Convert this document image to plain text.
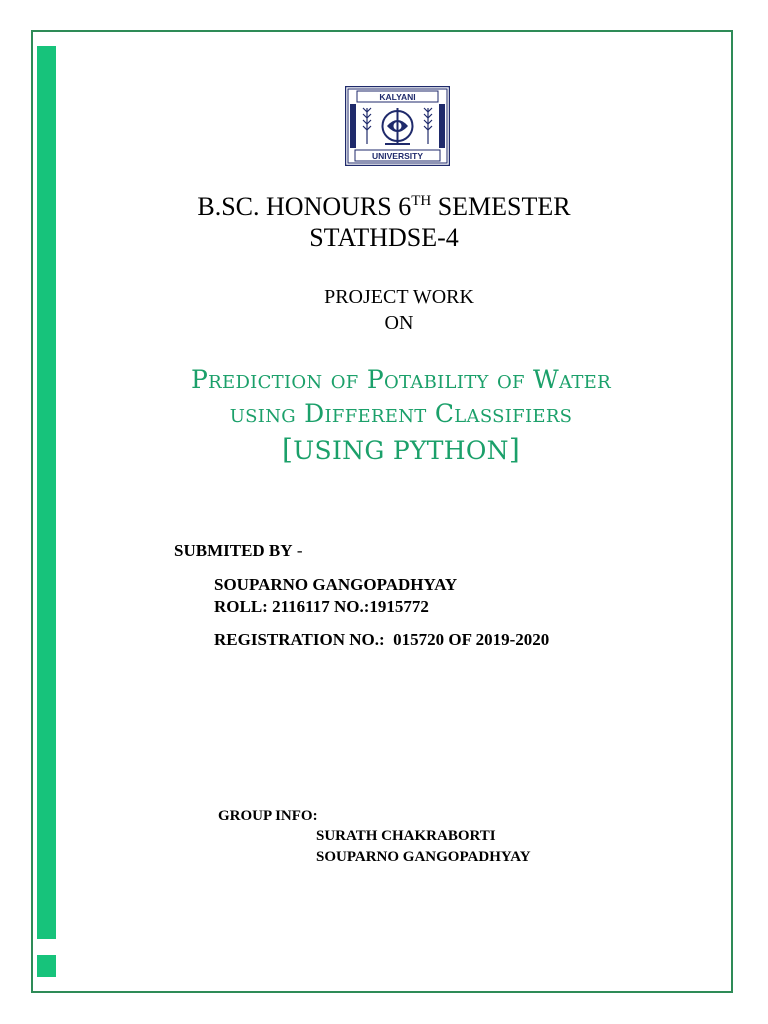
KALYANI
UNIVERSITY
B.SC. HONOURS 6TH SEMESTER
STATHDSE-4
PROJECT WORK
ON
Prediction of Potability of Water
using Different Classifiers
[USING PYTHON]
SUBMITED BY -
SOUPARNO GANGOPADHYAY
ROLL: 2116117 NO.:1915772
REGISTRATION NO.:  015720 OF 2019-2020
GROUP INFO:
SURATH CHAKRABORTI
SOUPARNO GANGOPADHYAY
